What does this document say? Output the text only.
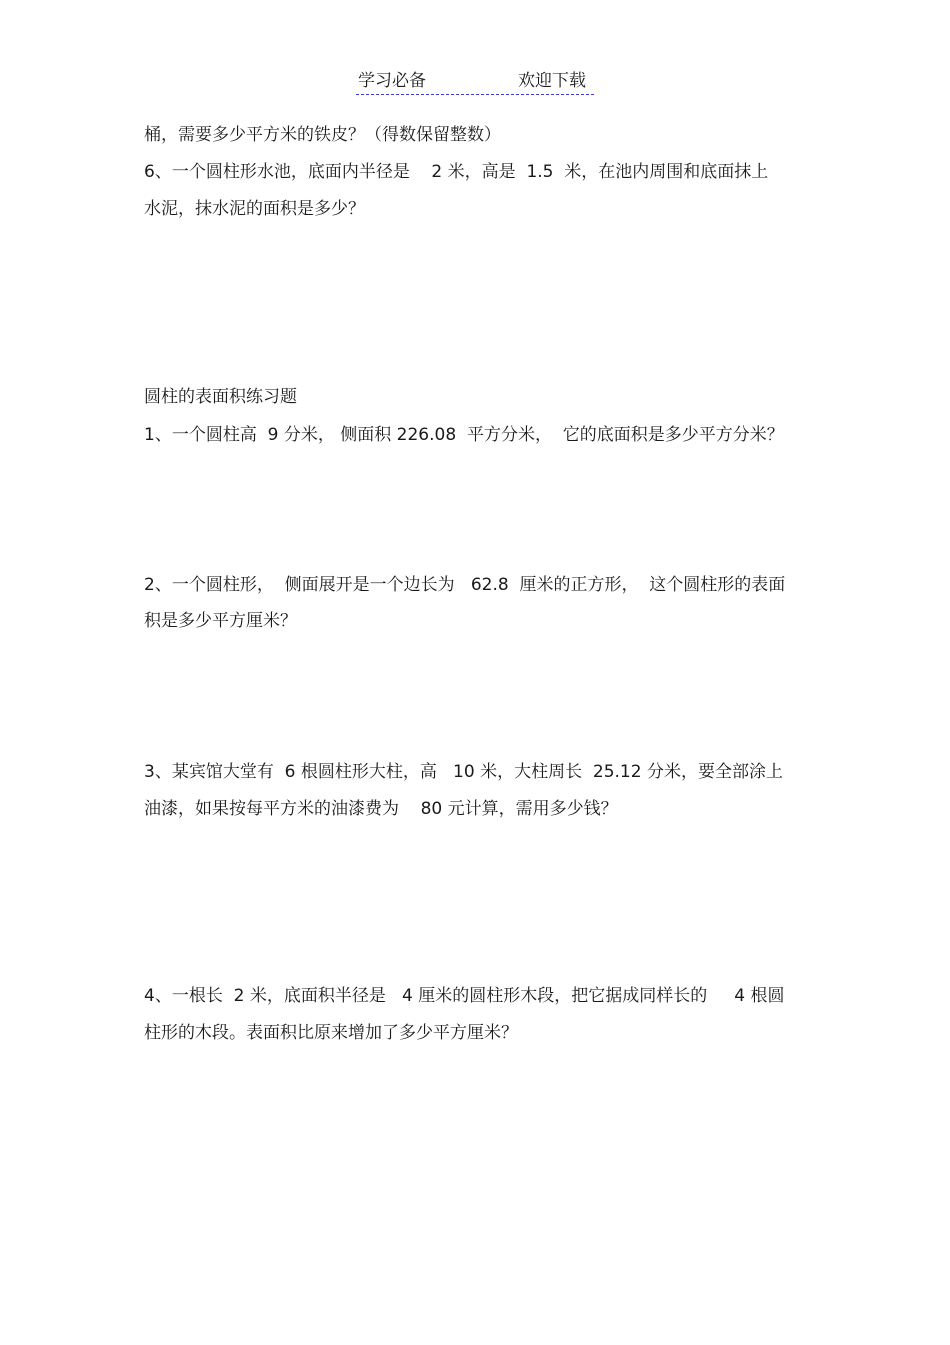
学习必备	欢迎下载
桶，需要多少平方米的铁皮？（得数保留整数）
6、一个圆柱形水池，底面内半径是    2 米，高是  1.5  米，在池内周围和底面抹上
水泥，抹水泥的面积是多少？
圆柱的表面积练习题
1、一个圆柱高  9 分米， 侧面积 226.08  平方分米，  它的底面积是多少平方分米？
2、一个圆柱形，  侧面展开是一个边长为   62.8  厘米的正方形，  这个圆柱形的表面
积是多少平方厘米？
3、某宾馆大堂有  6 根圆柱形大柱，高   10 米，大柱周长  25.12 分米，要全部涂上
油漆，如果按每平方米的油漆费为    80 元计算，需用多少钱？
4、一根长  2 米，底面积半径是   4 厘米的圆柱形木段，把它据成同样长的     4 根圆
柱形的木段。表面积比原来增加了多少平方厘米？
